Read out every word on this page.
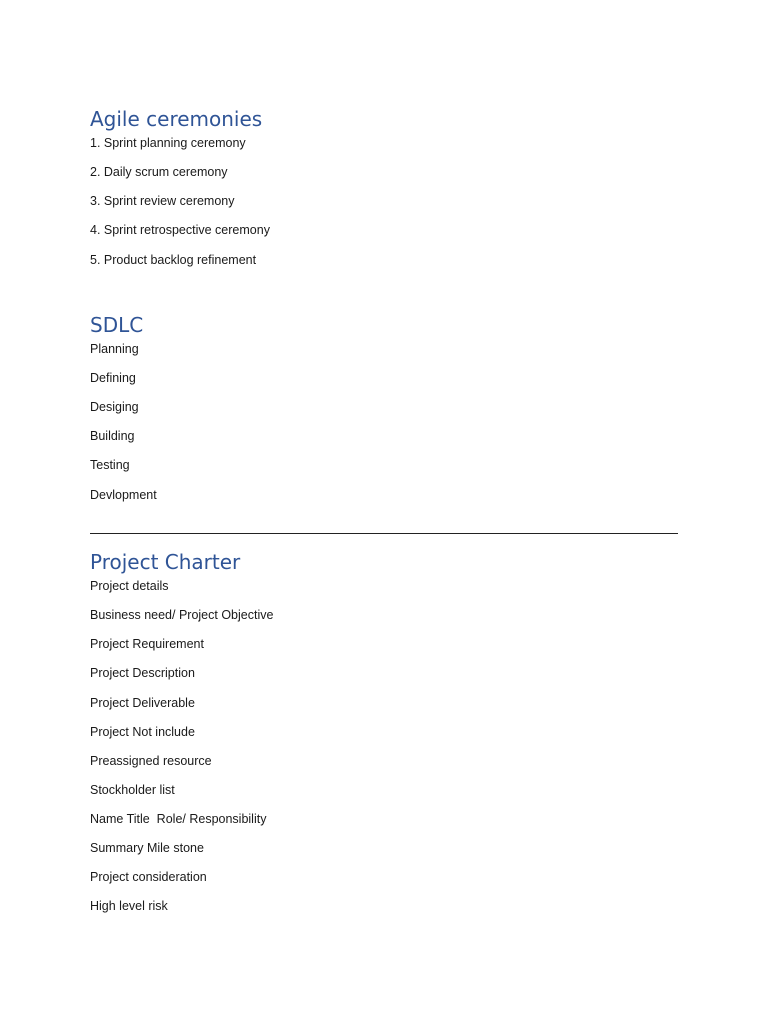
Agile ceremonies

1. Sprint planning ceremony

2. Daily scrum ceremony

3. Sprint review ceremony

4. Sprint retrospective ceremony

5. Product backlog refinement

SDLC

Planning

Defining

Desiging

Building

Testing

Devlopment

Project Charter

Project details

Business need/ Project Objective

Project Requirement

Project Description

Project Deliverable

Project Not include

Preassigned resource

Stockholder list

Name Title  Role/ Responsibility

Summary Mile stone

Project consideration

High level risk
